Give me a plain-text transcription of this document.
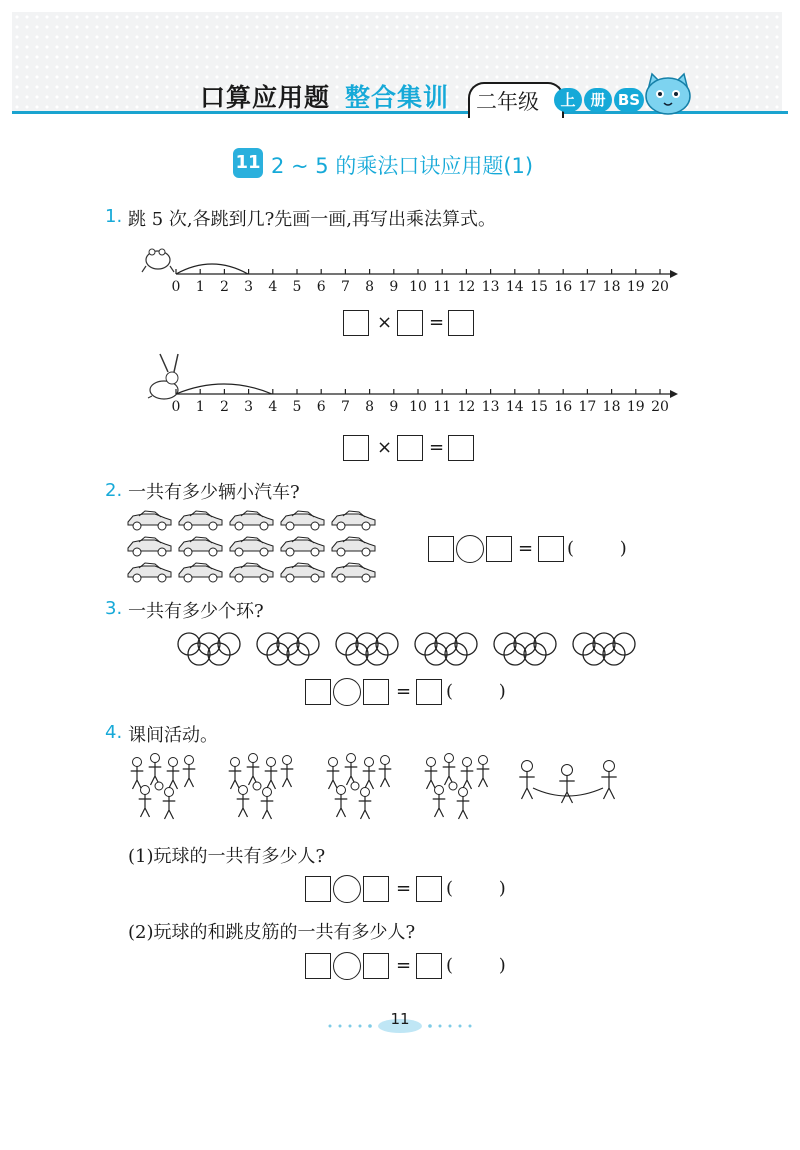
口算应用题 整合集训 二年级	上 册 BS
11 2 ~ 5 的乘法口诀应用题(1)
1. 跳 5 次,各跳到几?先画一画,再写出乘法算式。
0 1 2 3 4 5 6 7 8 9 10 11 12 13 14 15 16 17 18 19 20
× =
0 1 2 3 4 5 6 7 8 9 10 11 12 13 14 15 16 17 18 19 20
× =
2. 一共有多少辆小汽车?
= (        )
3. 一共有多少个环?
= (        )
4. 课间活动。
(1)玩球的一共有多少人?
= (        )
(2)玩球的和跳皮筋的一共有多少人?
= (        )
11
